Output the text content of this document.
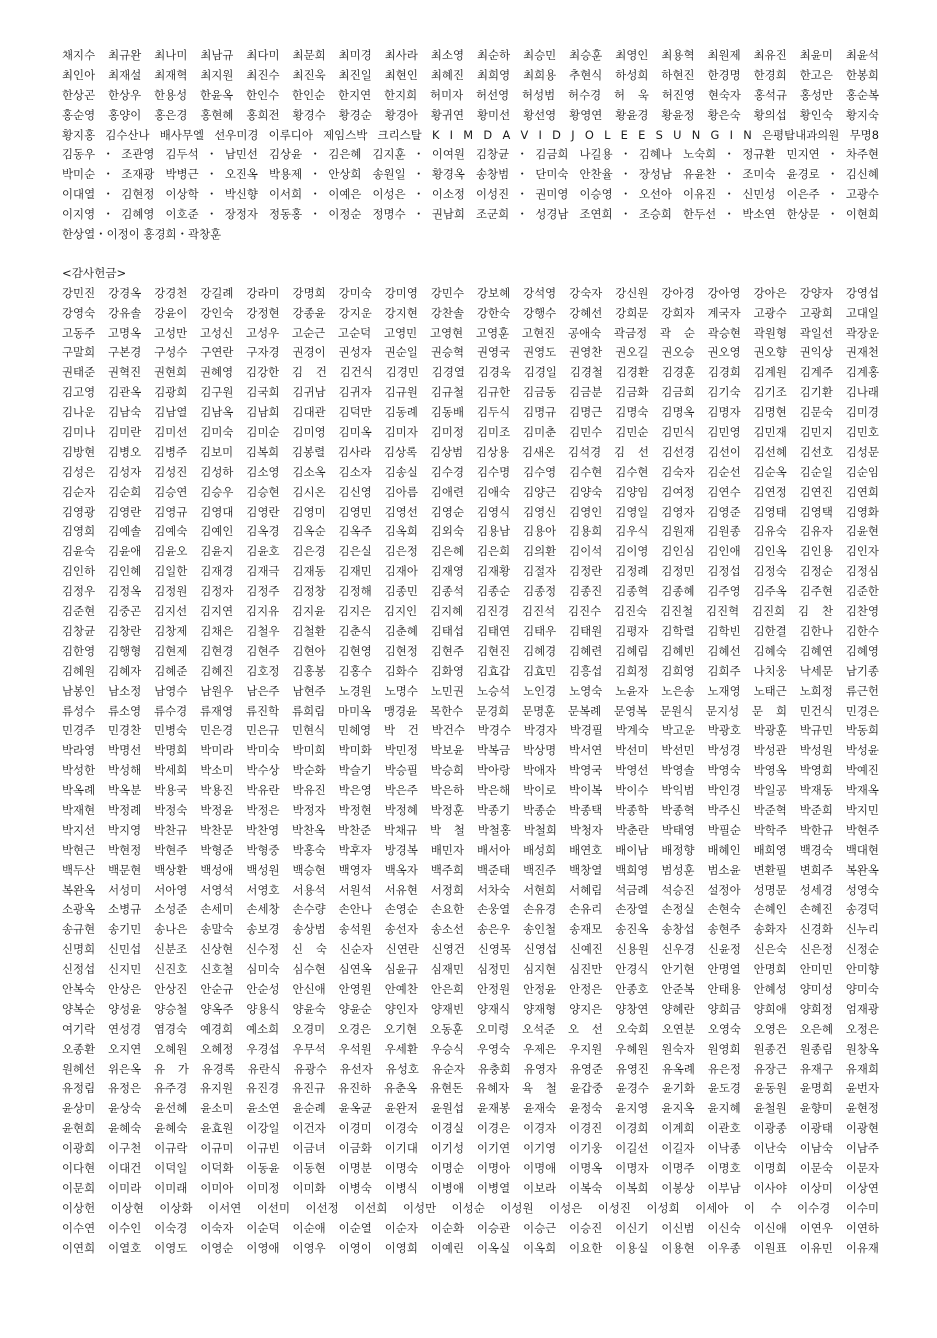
채지수 최규완 최나미 최남규 최다미 최문희 최미경 최사라 최소영 최순하 최승민 최승훈 최영인 최용혁 최원제 최유진 최윤미 최윤석
최인아 최재설 최재혁 최지원 최진수 최진욱 최진일 최현인 최혜진 최희영 최희용 추현식 하성희 하현진 한경명 한경희 한고은 한봉희
한상곤 한상우 한용성 한윤옥 한인수 한인순 한지연 한지희 허미자 허선영 허성범 허수경 허 욱 허진영 현숙자 홍석규 홍성만 홍순복
홍순영 홍양이 홍은경 홍현혜 홍희전 황경수 황경순 황경아 황귀연 황미선 황선영 황영연 황윤경 황윤정 황은숙 황의섭 황인숙 황지숙
황지홍 김수산나 배사무엘 선우미경 이루디아 제임스박 크리스탈 K I M D A V I D J O L E E S U N G I N 은평탐내과의원 무명8
김동우・조관영 김두석・남민선 김상윤・김은혜 김지훈・이여원 김창균・김금희 나길용・김혜나 노숙희・정규환 민지연・차주현
박미순・조재광 박병근・오진옥 박용제・안상희 송원일・황경옥 송창범・단미숙 안찬율・장성남 유윤찬・조미숙 윤경로・김신혜
이대열・김현정 이상학・박신향 이서희・이예은 이성은・이소정 이성진・권미영 이승영・오선아 이유진・신민성 이은주・고광수
이지영・김혜영 이호준・장정자 정동홍・이정순 정명수・권남희 조군희・성경남 조연희・조승희 한두선・박소연 한상문・이현희
한상열・이정이 홍경희・곽창훈
<감사헌금>
강민진 강경옥 강경천 강길례 강라미 강명희 강미숙 강미영 강민수 강보혜 강석영 강숙자 강신원 강아경 강아영 강아은 강양자 강영섭
강영숙 강유솔 강윤이 강인숙 강정현 강종윤 강지운 강지현 강찬솔 강한숙 강행수 강혜선 강희문 강희자 계국자 고광수 고광희 고대일
고동주 고명옥 고성만 고성신 고성우 고순근 고순덕 고영민 고영현 고영훈 고현진 공애숙 곽금정 곽 순 곽승현 곽원형 곽일선 곽장운
구말희 구본경 구성수 구연란 구자경 권경이 권성자 권순일 권승혁 권영국 권영도 권영찬 권오길 권오승 권오영 권오향 권익상 권재천
권태준 권혁진 권현희 권혜영 김강한 김 건 김건식 김경민 김경열 김경욱 김경일 김경철 김경환 김경훈 김경희 김계원 김계주 김계홍
김고영 김관옥 김광희 김구원 김국희 김귀남 김귀자 김규원 김규철 김규한 김금동 김금분 김금화 김금희 김기숙 김기조 김기환 김나래
김나운 김남숙 김남열 김남옥 김남희 김대관 김덕만 김동례 김동배 김두식 김명규 김명근 김명숙 김명옥 김명자 김명현 김문숙 김미경
김미나 김미란 김미선 김미숙 김미순 김미영 김미옥 김미자 김미정 김미조 김미춘 김민수 김민순 김민식 김민영 김민재 김민지 김민호
김방현 김병오 김병주 김보미 김복희 김봉렬 김사라 김상록 김상범 김상용 김새온 김석경 김 선 김선경 김선이 김선혜 김선호 김성문
김성은 김성자 김성진 김성하 김소영 김소옥 김소자 김송실 김수경 김수명 김수영 김수현 김수현 김숙자 김순선 김순옥 김순일 김순임
김순자 김순희 김승연 김승우 김승현 김시온 김신영 김아름 김애련 김애숙 김양근 김양숙 김양임 김여정 김연수 김연정 김연진 김연희
김영광 김영란 김영규 김영대 김영란 김영미 김영민 김영선 김영순 김영식 김영신 김영인 김영일 김영자 김영준 김영태 김영택 김영화
김영희 김예솔 김예숙 김예인 김옥경 김옥순 김옥주 김옥희 김외숙 김용남 김용아 김용희 김우식 김원재 김원종 김유숙 김유자 김윤현
김윤숙 김윤애 김윤오 김윤지 김윤호 김은경 김은실 김은정 김은혜 김은희 김의환 김이석 김이영 김인심 김인애 김인옥 김인용 김인자
김인하 김인혜 김일한 김재경 김재극 김재동 김재민 김재아 김재영 김재황 김절자 김정란 김정례 김정민 김정섭 김정숙 김정순 김정심
김정우 김정옥 김정원 김정자 김정주 김정창 김정해 김종민 김종석 김종순 김종정 김종진 김종혁 김종혜 김주영 김주옥 김주현 김준한
김준현 김중곤 김지선 김지연 김지유 김지윤 김지은 김지인 김지혜 김진경 김진석 김진수 김진숙 김진철 김진혁 김진희 김 찬 김찬영
김창균 김창란 김창제 김채은 김철우 김철환 김춘식 김춘혜 김태섭 김태연 김태우 김태원 김평자 김학렬 김학빈 김한결 김한나 김한수
김한영 김행형 김현제 김현경 김현주 김현아 김현영 김현정 김현주 김현진 김혜경 김혜련 김혜림 김혜빈 김혜선 김혜숙 김혜연 김혜영
김혜원 김혜자 김혜준 김혜진 김호정 김홍봉 김홍수 김화수 김화영 김효갑 김효민 김흥섭 김희정 김희영 김희주 나치웅 낙세문 남기종
남봉인 남소정 남영수 남원우 남은주 남현주 노경원 노명수 노민권 노승석 노인경 노영숙 노윤자 노은송 노재영 노태근 노희정 류근헌
류성수 류소영 류수경 류재영 류진학 류희림 마미옥 맹경윤 목한수 문경희 문명훈 문복례 문영복 문원식 문지성 문 희 민건식 민경은
민경주 민경찬 민병숙 민은경 민은규 민현식 민혜영 박 건 박건수 박경수 박경자 박경필 박계숙 박고운 박광호 박광훈 박규민 박동희
박라영 박명선 박명희 박미라 박미숙 박미희 박미화 박민정 박보윤 박복금 박상명 박서연 박선미 박선민 박성경 박성관 박성원 박성윤
박성한 박성해 박세희 박소미 박수상 박순화 박슬기 박승필 박승희 박아랑 박애자 박영국 박영선 박영솔 박영숙 박영옥 박영희 박예진
박옥례 박옥분 박용국 박용진 박유란 박유진 박은영 박은주 박은하 박은해 박이로 박이복 박이수 박익범 박인경 박일공 박재동 박재옥
박재현 박정례 박정숙 박정윤 박정은 박정자 박정현 박정혜 박정훈 박종기 박종순 박종택 박종학 박종혁 박주신 박준혁 박준희 박지민
박지선 박지영 박찬규 박찬문 박찬영 박찬옥 박찬준 박채규 박 철 박철홍 박철희 박청자 박춘란 박태영 박필순 박학주 박한규 박현주
박현근 박현정 박현주 박형준 박형중 박홍숙 박후자 방경복 배민자 배서아 배성희 배연호 배이남 배정향 배혜인 배희영 백경숙 백대현
백두산 백문현 백상환 백성애 백성원 백승현 백영자 백옥자 백주희 백준태 백진주 백창열 백희영 범성훈 범소윤 변환필 변희주 복완옥
복완옥 서성미 서아영 서영석 서영호 서용석 서원석 서유현 서정희 서차숙 서현희 서혜림 석금례 석승진 설정아 성명문 성세경 성영숙
소광옥 소병규 소성준 손세미 손세창 손수량 손안나 손영순 손요한 손웅열 손유경 손유리 손장열 손정실 손현숙 손혜인 손혜진 송경덕
송규현 송기민 송나은 송말숙 송보경 송상범 송석원 송선자 송소선 송은우 송인철 송재모 송진옥 송창섭 송현주 송화자 신경화 신누리
신명희 신민섭 신분조 신상현 신수정 신 숙 신순자 신연란 신영건 신영목 신영섭 신예진 신용원 신우경 신윤정 신은숙 신은정 신정순
신정섭 신지민 신진호 신호철 심미숙 심수현 심연옥 심윤규 심재민 심정민 심지현 심진만 안경식 안기현 안명열 안명희 안미민 안미향
안복숙 안상은 안상진 안순규 안순성 안신애 안영원 안예찬 안은희 안정원 안정윤 안정은 안종호 안준복 안태용 안혜성 양미성 양미숙
양복순 양성윤 양승철 양옥주 양용식 양윤숙 양윤순 양인자 양재빈 양재식 양재형 양지은 양창연 양혜란 양희금 양희애 양희정 엄재광
여기락 연성경 염경숙 예경희 예소희 오경미 오경은 오기현 오동훈 오미령 오석준 오 선 오숙희 오연분 오영숙 오영은 오은혜 오정은
오종환 오지연 오혜원 오혜정 우경섭 우무석 우석원 우세환 우승식 우영숙 우제은 우지원 우혜원 원숙자 원영희 원종건 원종림 원창옥
원혜선 위은옥 유 가 유경록 유란식 유광수 유선자 유성호 유순자 유충희 유영자 유영준 유영진 유옥례 유은정 유장근 유재구 유재희
유정림 유정은 유주경 유지원 유진경 유진규 유진하 유춘옥 유현돈 유혜자 육 철 윤갑중 윤경수 윤기화 윤도경 윤동원 윤명희 윤번자
윤상미 윤상숙 윤선혜 윤소미 윤소연 윤순례 윤옥균 윤완저 윤원섭 윤재봉 윤재숙 윤정숙 윤지영 윤지옥 윤지혜 윤철원 윤향미 윤현정
윤현희 윤혜숙 윤혜숙 윤효원 이강일 이건자 이경미 이경숙 이경실 이경은 이경자 이경진 이경희 이계희 이관호 이광종 이광태 이광현
이광희 이구천 이규락 이규미 이규빈 이금녀 이금화 이기대 이기성 이기연 이기영 이기웅 이길선 이길자 이낙종 이난숙 이남숙 이남주
이다현 이대건 이덕일 이덕화 이동윤 이동현 이명분 이명숙 이명순 이명아 이명애 이명옥 이명자 이명주 이명호 이명희 이문숙 이문자
이문희 이미라 이미래 이미아 이미정 이미화 이병숙 이병식 이병애 이병열 이보라 이복숙 이복희 이봉상 이부남 이사야 이상미 이상연
이상헌 이상현 이상화 이서연 이선미 이선정 이선희 이성만 이성순 이성원 이성은 이성진 이성희 이세아 이 수 이수경 이수미
이수연 이수인 이숙경 이숙자 이순덕 이순애 이순열 이순자 이순화 이승관 이승근 이승진 이신기 이신범 이신숙 이신애 이연우 이연하
이연희 이열호 이영도 이영순 이영애 이영우 이영이 이영희 이예린 이옥실 이옥희 이요한 이용실 이용현 이우종 이원표 이유민 이유재
